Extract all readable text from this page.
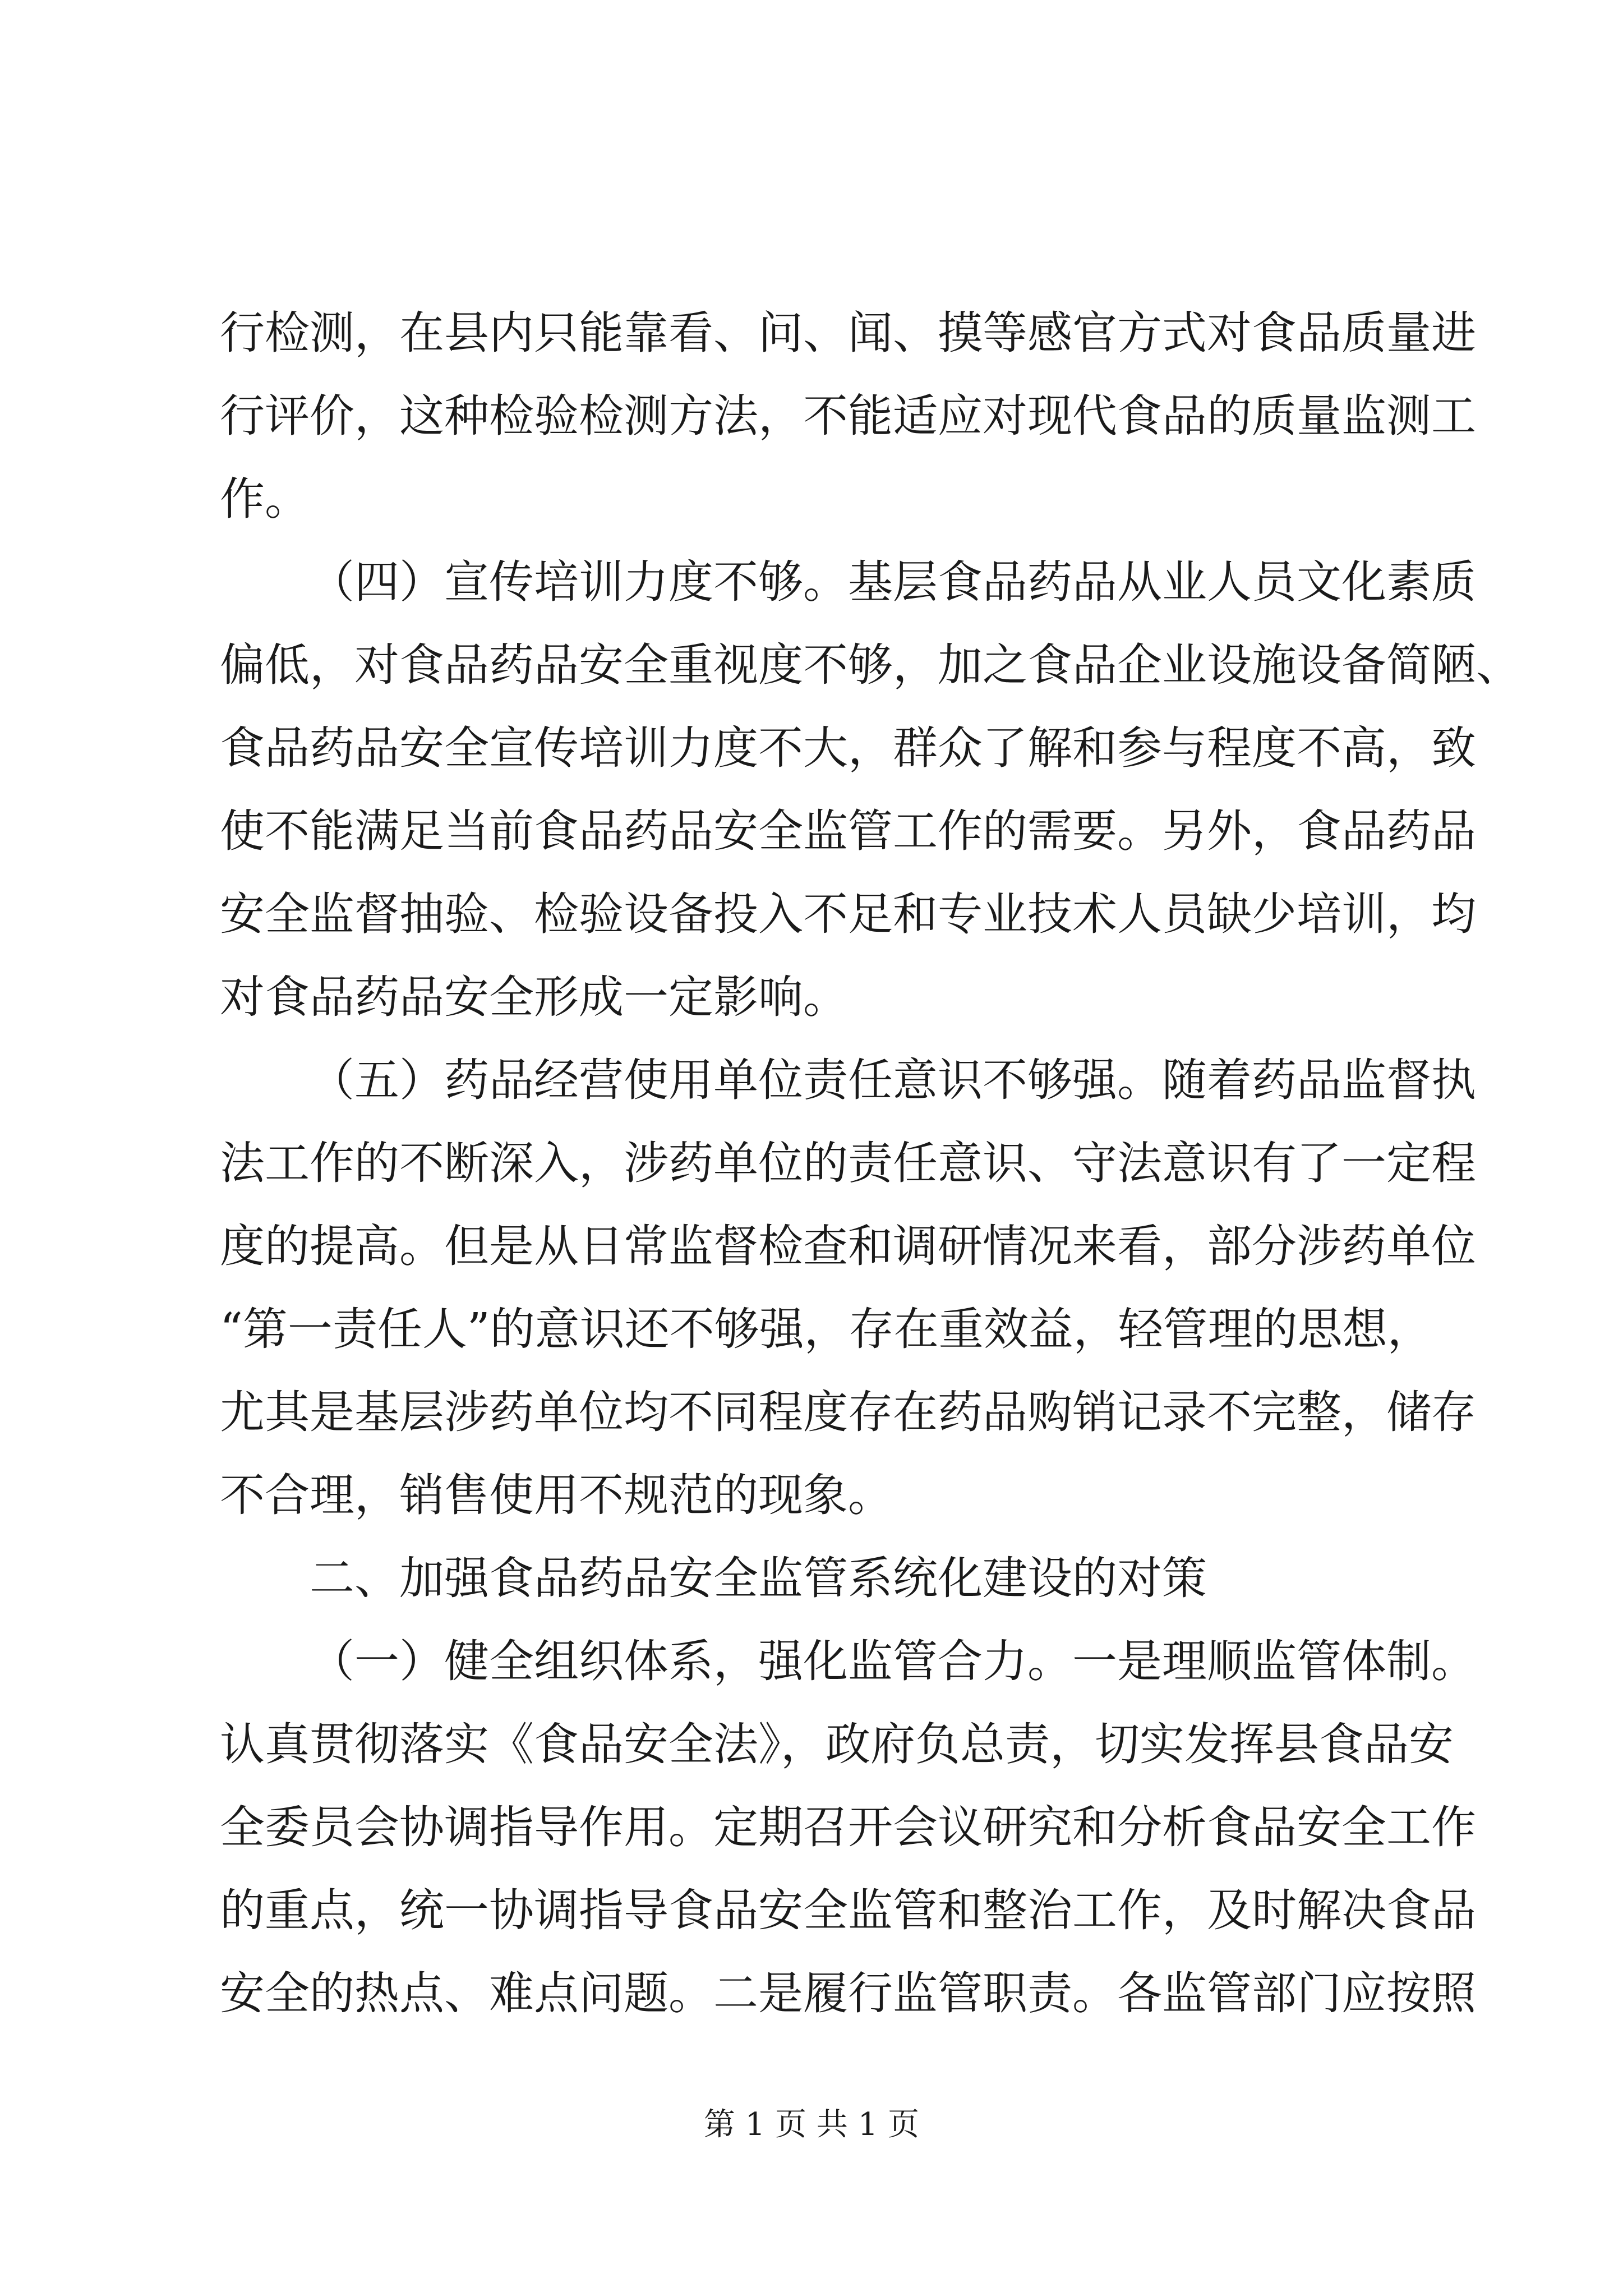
行检测，在县内只能靠看、问、闻、摸等感官方式对食品质量进
行评价，这种检验检测方法，不能适应对现代食品的质量监测工
作。
（四）宣传培训力度不够。基层食品药品从业人员文化素质
偏低，对食品药品安全重视度不够，加之食品企业设施设备简陋、
食品药品安全宣传培训力度不大，群众了解和参与程度不高，致
使不能满足当前食品药品安全监管工作的需要。另外，食品药品
安全监督抽验、检验设备投入不足和专业技术人员缺少培训，均
对食品药品安全形成一定影响。
（五）药品经营使用单位责任意识不够强。随着药品监督执
法工作的不断深入，涉药单位的责任意识、守法意识有了一定程
度的提高。但是从日常监督检查和调研情况来看，部分涉药单位
“第一责任人”的意识还不够强，存在重效益，轻管理的思想，
尤其是基层涉药单位均不同程度存在药品购销记录不完整，储存
不合理，销售使用不规范的现象。
二、加强食品药品安全监管系统化建设的对策
（一）健全组织体系，强化监管合力。一是理顺监管体制。
认真贯彻落实《食品安全法》，政府负总责，切实发挥县食品安
全委员会协调指导作用。定期召开会议研究和分析食品安全工作
的重点，统一协调指导食品安全监管和整治工作，及时解决食品
安全的热点、难点问题。二是履行监管职责。各监管部门应按照
第 1 页 共 1 页
